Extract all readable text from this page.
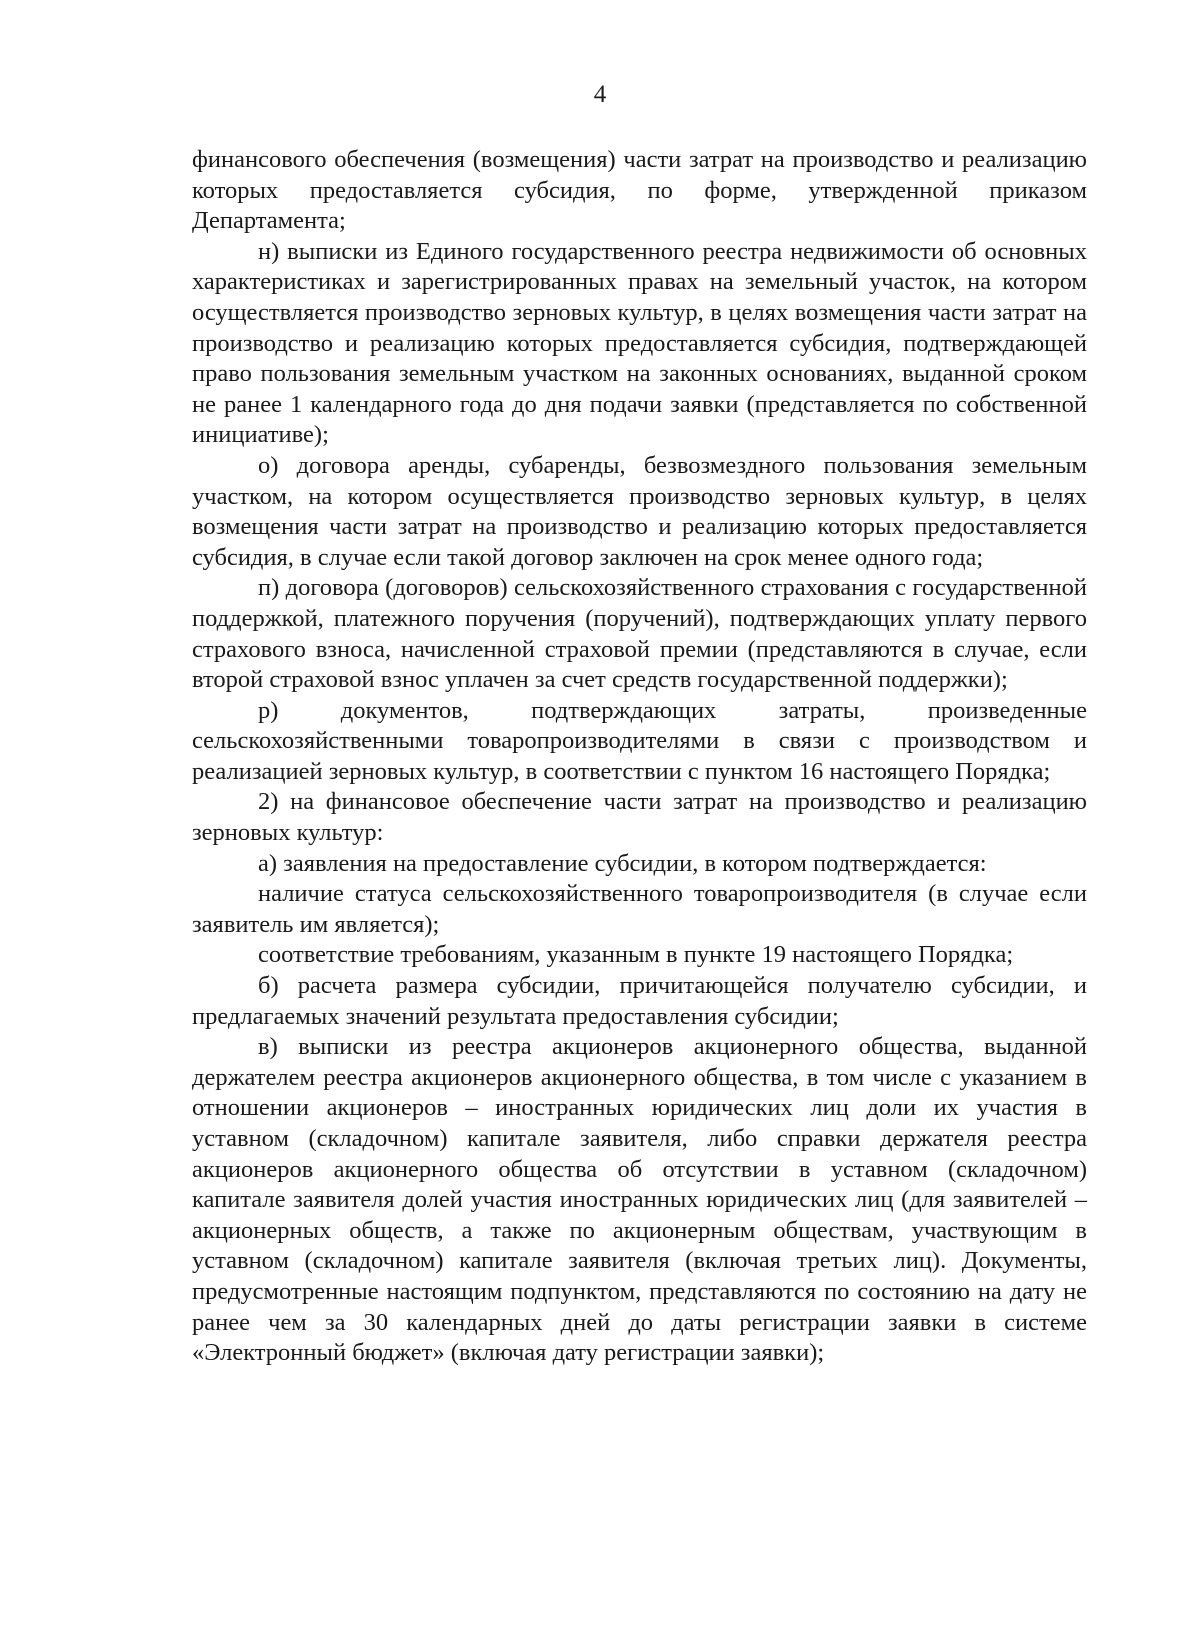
4

финансового обеспечения (возмещения) части затрат на производство и реализацию которых предоставляется субсидия, по форме, утвержденной приказом Департамента;

н) выписки из Единого государственного реестра недвижимости об основных характеристиках и зарегистрированных правах на земельный участок, на котором осуществляется производство зерновых культур, в целях возмещения части затрат на производство и реализацию которых предоставляется субсидия, подтверждающей право пользования земельным участком на законных основаниях, выданной сроком не ранее 1 календарного года до дня подачи заявки (представляется по собственной инициативе);

о) договора аренды, субаренды, безвозмездного пользования земельным участком, на котором осуществляется производство зерновых культур, в целях возмещения части затрат на производство и реализацию которых предоставляется субсидия, в случае если такой договор заключен на срок менее одного года;

п) договора (договоров) сельскохозяйственного страхования с государственной поддержкой, платежного поручения (поручений), подтверждающих уплату первого страхового взноса, начисленной страховой премии (представляются в случае, если второй страховой взнос уплачен за счет средств государственной поддержки);

р) документов, подтверждающих затраты, произведенные сельскохозяйственными товаропроизводителями в связи с производством и реализацией зерновых культур, в соответствии с пунктом 16 настоящего Порядка;

2) на финансовое обеспечение части затрат на производство и реализацию зерновых культур:

а) заявления на предоставление субсидии, в котором подтверждается:

наличие статуса сельскохозяйственного товаропроизводителя (в случае если заявитель им является);

соответствие требованиям, указанным в пункте 19 настоящего Порядка;

б) расчета размера субсидии, причитающейся получателю субсидии, и предлагаемых значений результата предоставления субсидии;

в) выписки из реестра акционеров акционерного общества, выданной держателем реестра акционеров акционерного общества, в том числе с указанием в отношении акционеров – иностранных юридических лиц доли их участия в уставном (складочном) капитале заявителя, либо справки держателя реестра акционеров акционерного общества об отсутствии в уставном (складочном) капитале заявителя долей участия иностранных юридических лиц (для заявителей – акционерных обществ, а также по акционерным обществам, участвующим в уставном (складочном) капитале заявителя (включая третьих лиц). Документы, предусмотренные настоящим подпунктом, представляются по состоянию на дату не ранее чем за 30 календарных дней до даты регистрации заявки в системе «Электронный бюджет» (включая дату регистрации заявки);
